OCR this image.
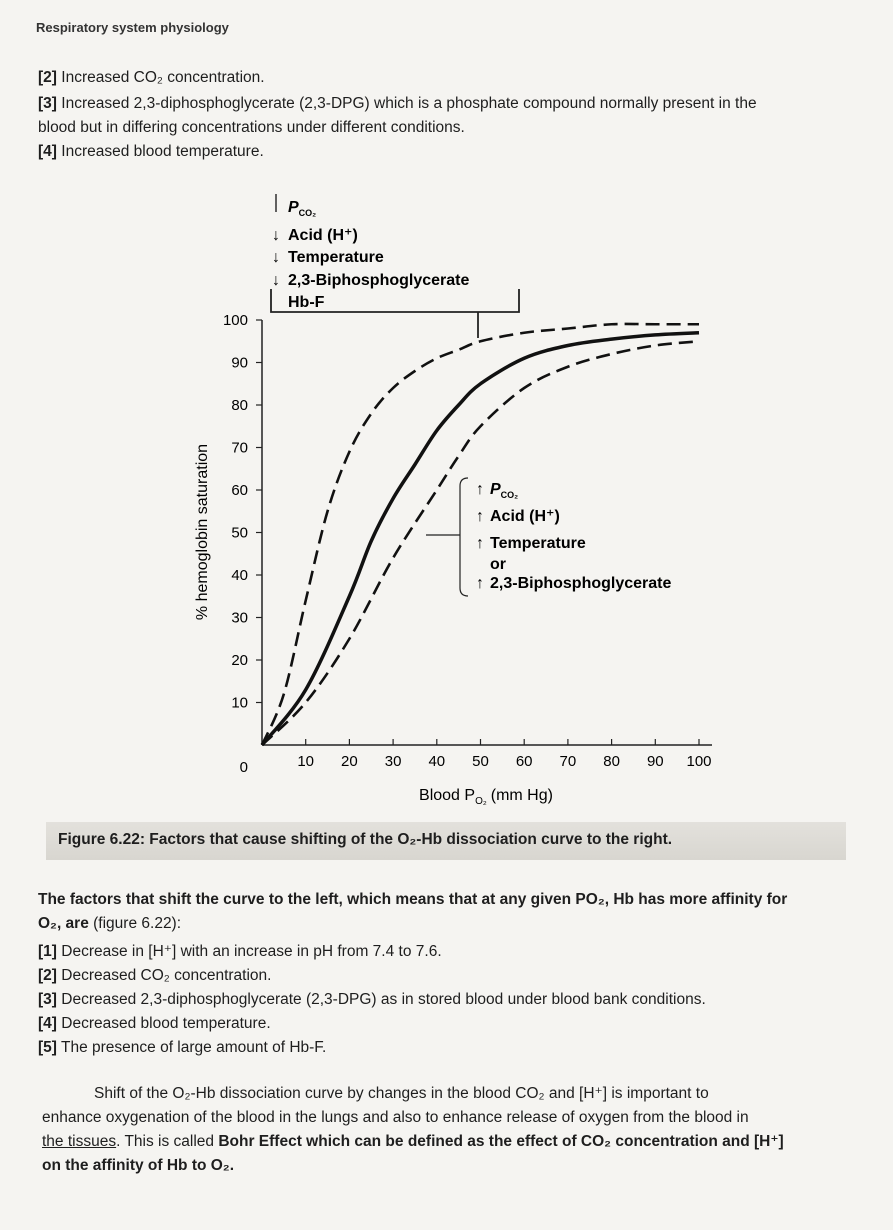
Respiratory system physiology
[2] Increased CO₂ concentration.
[3] Increased 2,3-diphosphoglycerate (2,3-DPG) which is a phosphate compound normally present in the
blood but in differing concentrations under different conditions.
[4] Increased blood temperature.
0
10
20
30
40
50
60
70
80
90
100
10 20 30 40 50 60 70 80 90 100
% hemoglobin saturation
Blood $P_{O_2}$ (mm Hg)
$P_{CO_2}$
↓ Acid (H⁺)
↓ Temperature
↓ 2,3-Biphosphoglycerate
Hb-F
↑ $P_{CO_2}$
↑ Acid (H⁺)
↑ Temperature
or
↑ 2,3-Biphosphoglycerate
Figure 6.22: Factors that cause shifting of the O₂-Hb dissociation curve to the right.
The factors that shift the curve to the left, which means that at any given PO₂, Hb has more affinity for
O₂, are (figure 6.22):
[1] Decrease in [H⁺] with an increase in pH from 7.4 to 7.6.
[2] Decreased CO₂ concentration.
[3] Decreased 2,3-diphosphoglycerate (2,3-DPG) as in stored blood under blood bank conditions.
[4] Decreased blood temperature.
[5] The presence of large amount of Hb-F.
Shift of the O₂-Hb dissociation curve by changes in the blood CO₂ and [H⁺] is important to
enhance oxygenation of the blood in the lungs and also to enhance release of oxygen from the blood in
the tissues. This is called Bohr Effect which can be defined as the effect of CO₂ concentration and [H⁺]
on the affinity of Hb to O₂.
